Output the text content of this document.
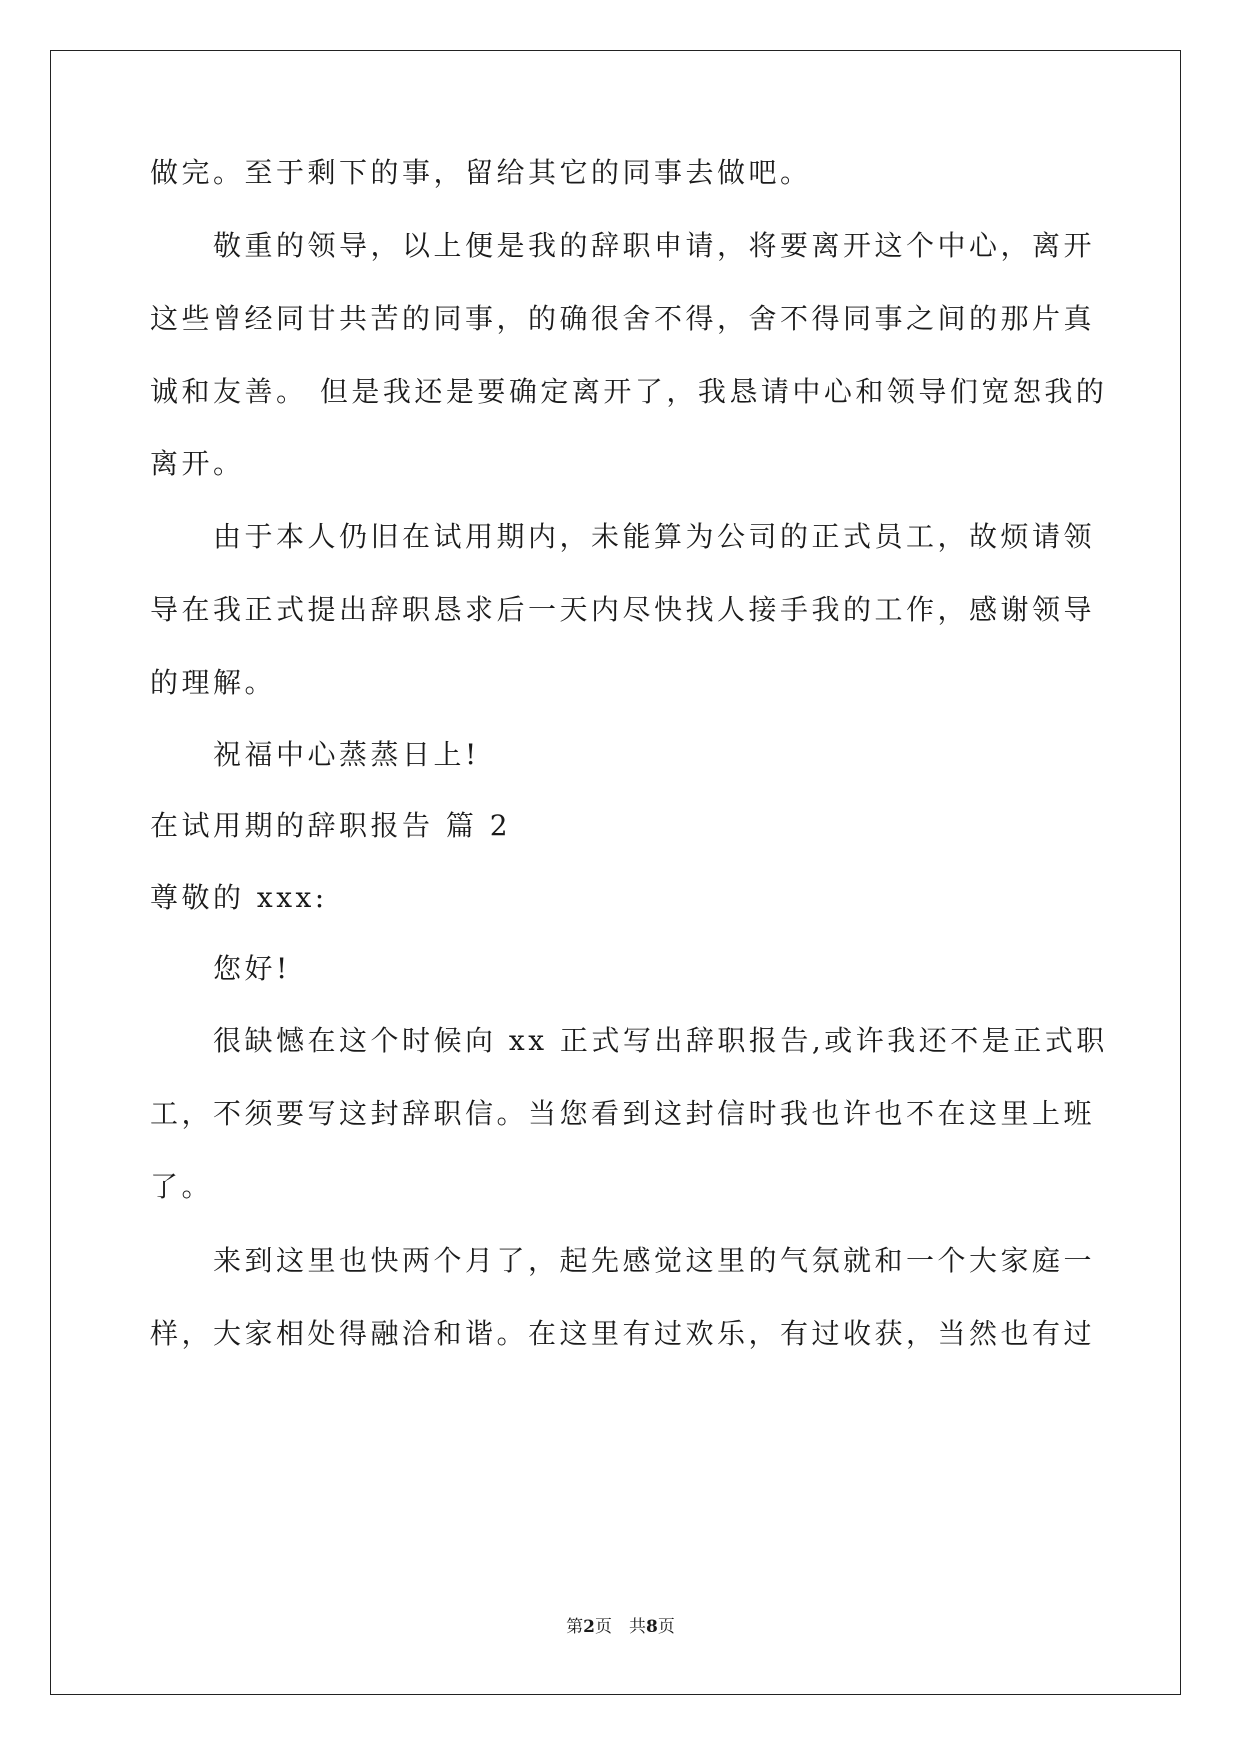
做完。至于剩下的事，留给其它的同事去做吧。
敬重的领导，以上便是我的辞职申请，将要离开这个中心，离开
这些曾经同甘共苦的同事，的确很舍不得，舍不得同事之间的那片真
诚和友善。 但是我还是要确定离开了，我恳请中心和领导们宽恕我的
离开。
由于本人仍旧在试用期内，未能算为公司的正式员工，故烦请领
导在我正式提出辞职恳求后一天内尽快找人接手我的工作，感谢领导
的理解。
祝福中心蒸蒸日上!
在试用期的辞职报告 篇 2
尊敬的 xxx:
您好!
很缺憾在这个时候向 xx 正式写出辞职报告,或许我还不是正式职
工，不须要写这封辞职信。当您看到这封信时我也许也不在这里上班
了。
来到这里也快两个月了，起先感觉这里的气氛就和一个大家庭一
样，大家相处得融洽和谐。在这里有过欢乐，有过收获，当然也有过
第2页　共8页
